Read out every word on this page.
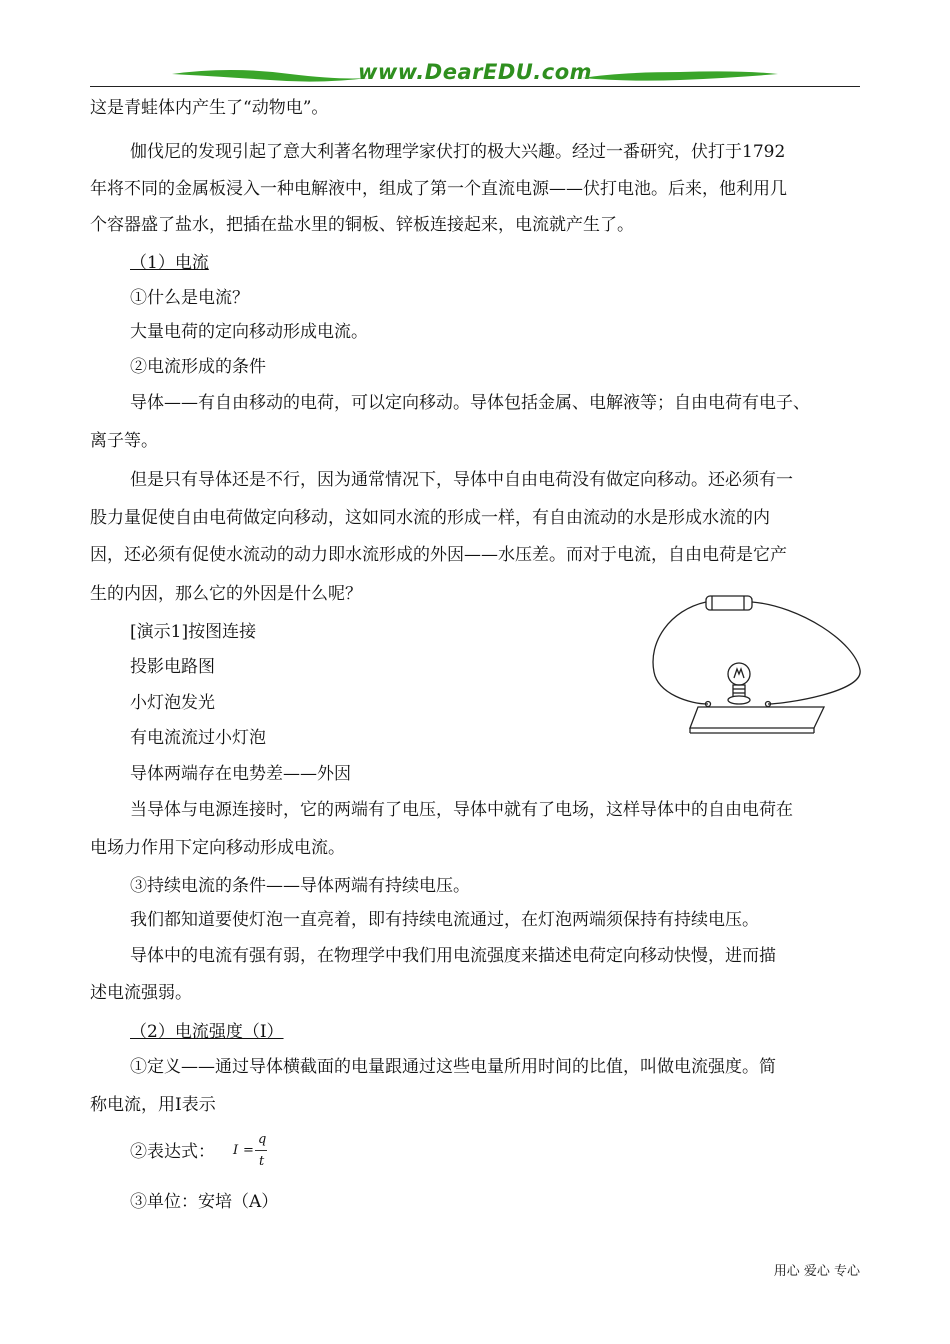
www.DearEDU.com
这是青蛙体内产生了“动物电”。
伽伐尼的发现引起了意大利著名物理学家伏打的极大兴趣。经过一番研究，伏打于1792
年将不同的金属板浸入一种电解液中，组成了第一个直流电源——伏打电池。后来，他利用几
个容器盛了盐水，把插在盐水里的铜板、锌板连接起来，电流就产生了。
（1）电流
①什么是电流？
大量电荷的定向移动形成电流。
②电流形成的条件
导体——有自由移动的电荷，可以定向移动。导体包括金属、电解液等；自由电荷有电子、
离子等。
但是只有导体还是不行，因为通常情况下，导体中自由电荷没有做定向移动。还必须有一
股力量促使自由电荷做定向移动，这如同水流的形成一样，有自由流动的水是形成水流的内
因，还必须有促使水流动的动力即水流形成的外因——水压差。而对于电流，自由电荷是它产
生的内因，那么它的外因是什么呢？
[演示1]按图连接
投影电路图
小灯泡发光
有电流流过小灯泡
导体两端存在电势差——外因
当导体与电源连接时，它的两端有了电压，导体中就有了电场，这样导体中的自由电荷在
电场力作用下定向移动形成电流。
③持续电流的条件——导体两端有持续电压。
我们都知道要使灯泡一直亮着，即有持续电流通过，在灯泡两端须保持有持续电压。
导体中的电流有强有弱，在物理学中我们用电流强度来描述电荷定向移动快慢，进而描
述电流强弱。
（2）电流强度（I）
①定义——通过导体横截面的电量跟通过这些电量所用时间的比值，叫做电流强度。简
称电流，用I表示
②表达式： I =
q
t
③单位：安培（A）
用心 爱心 专心
